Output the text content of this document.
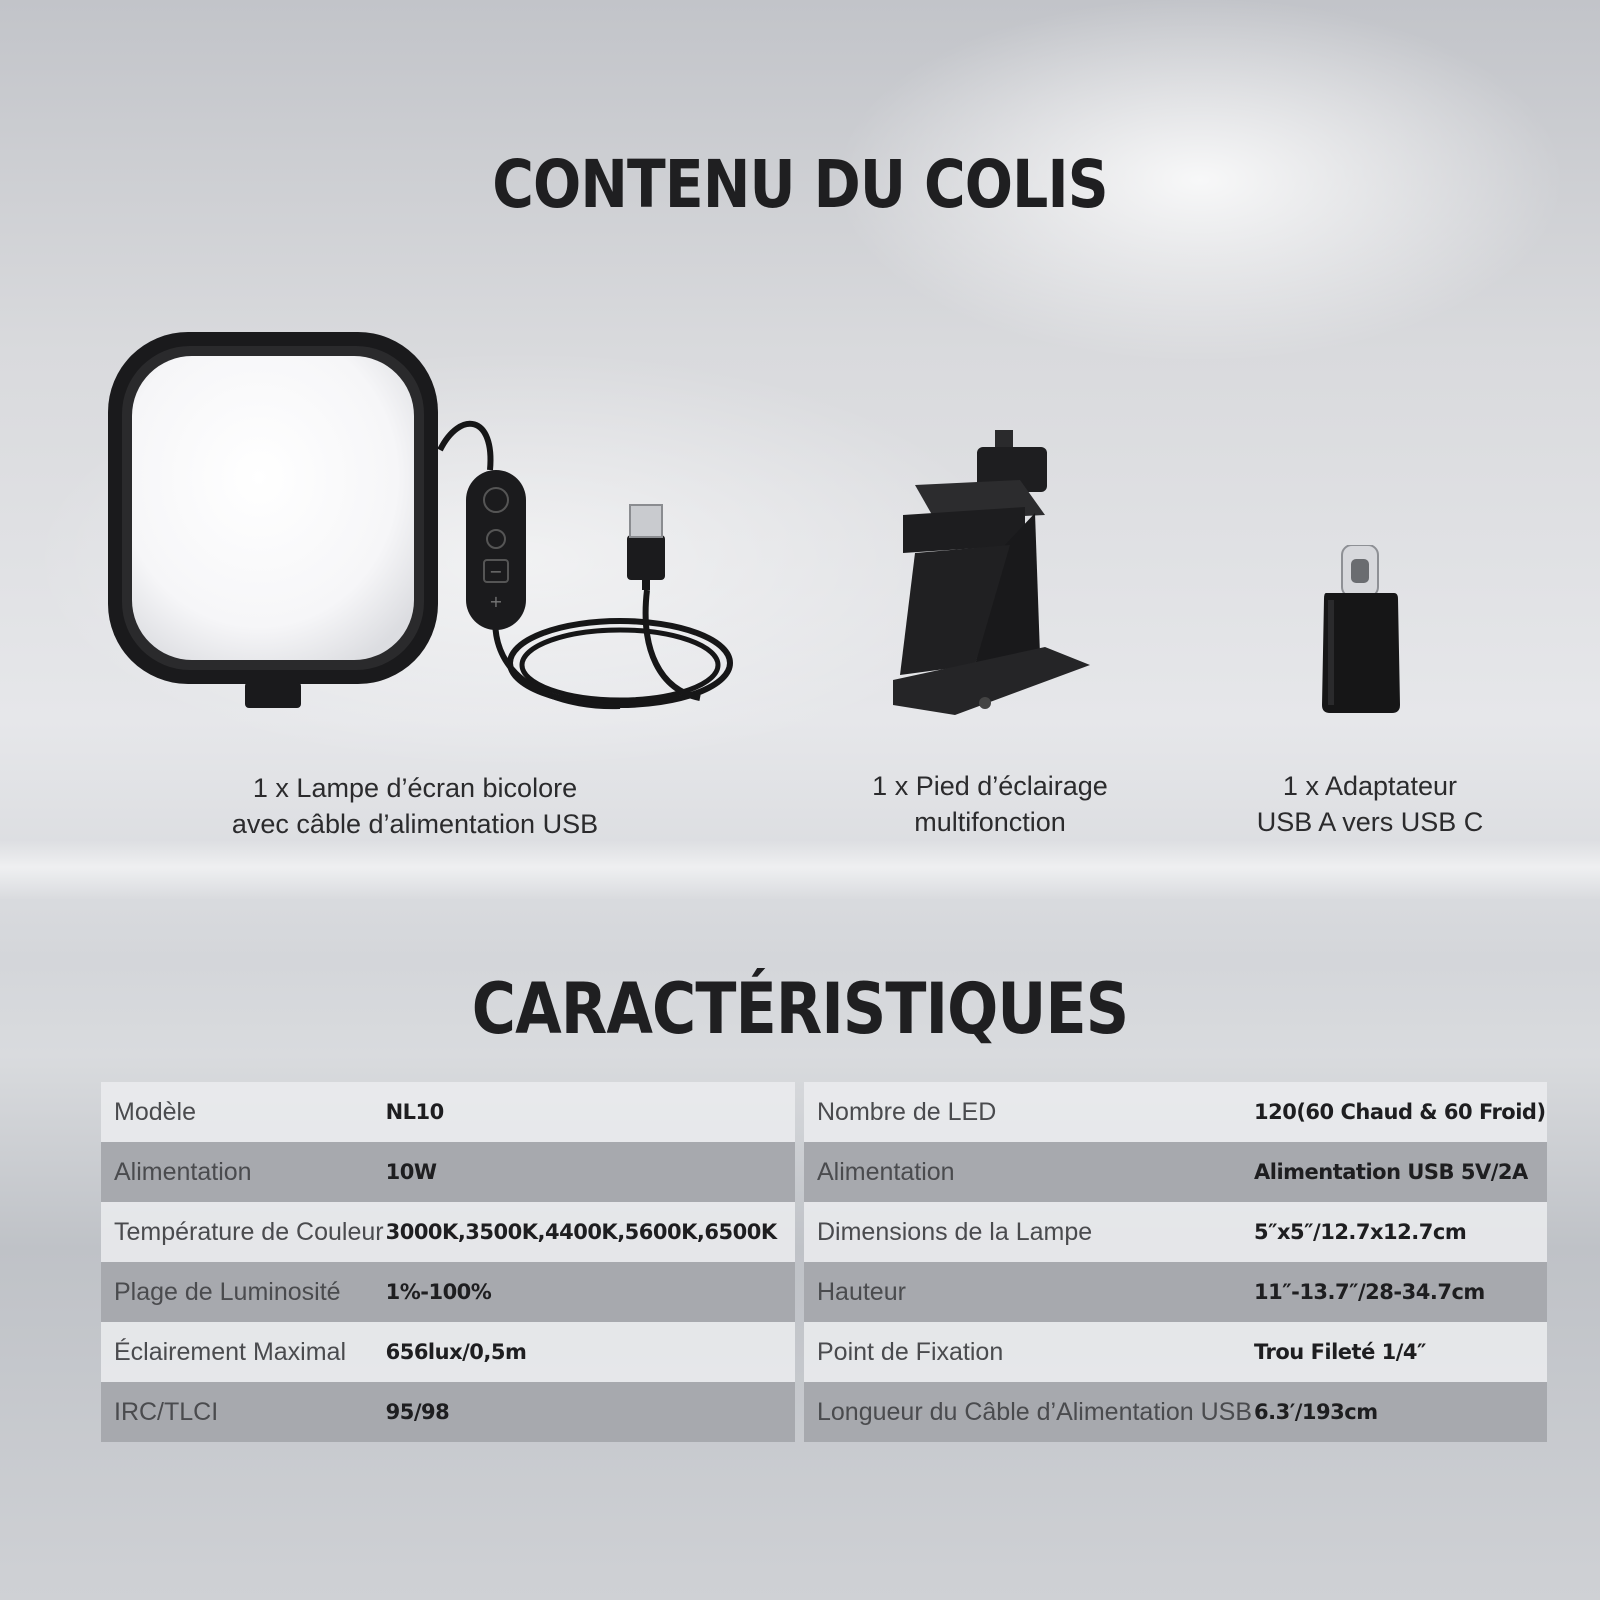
CONTENU DU COLIS
−
+
1 x Lampe d’écran bicolore
avec câble d’alimentation USB
1 x Pied d’éclairage
multifonction
1 x Adaptateur
USB A vers USB C
CARACTÉRISTIQUES
Modèle	NL10
Alimentation	10W
Température de Couleur	3000K,3500K,4400K,5600K,6500K
Plage de Luminosité	1%-100%
Éclairement Maximal	656lux/0,5m
IRC/TLCI	95/98
Nombre de LED	120(60 Chaud & 60 Froid)
Alimentation	Alimentation USB 5V/2A
Dimensions de la Lampe	5″x5″/12.7x12.7cm
Hauteur	11″-13.7″/28-34.7cm
Point de Fixation	Trou Fileté 1/4″
Longueur du Câble d’Alimentation USB	6.3′/193cm
